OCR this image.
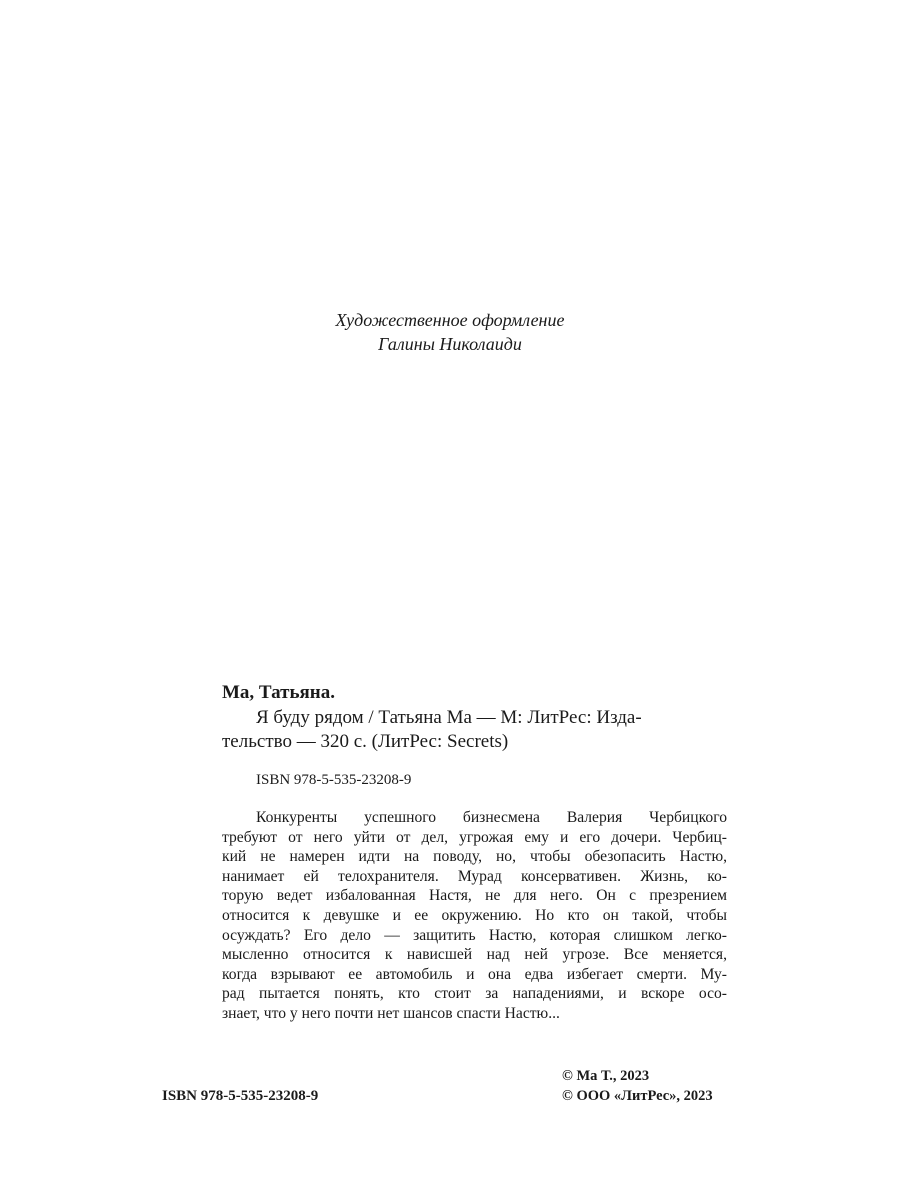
Художественное оформление
Галины Николаиди
Ма, Татьяна.
Я буду рядом / Татьяна Ма — М: ЛитРес: Изда-
тельство — 320 с. (ЛитРес: Secrets)
ISBN 978-5-535-23208-9
Конкуренты успешного бизнесмена Валерия Чербицкого
требуют от него уйти от дел, угрожая ему и его дочери. Чербиц-
кий не намерен идти на поводу, но, чтобы обезопасить Настю,
нанимает ей телохранителя. Мурад консервативен. Жизнь, ко-
торую ведет избалованная Настя, не для него. Он с презрением
относится к девушке и ее окружению. Но кто он такой, чтобы
осуждать? Его дело — защитить Настю, которая слишком легко-
мысленно относится к нависшей над ней угрозе. Все меняется,
когда взрывают ее автомобиль и она едва избегает смерти. Му-
рад пытается понять, кто стоит за нападениями, и вскоре осо-
знает, что у него почти нет шансов спасти Настю...
ISBN 978-5-535-23208-9
© Ма Т., 2023
© ООО «ЛитРес», 2023
